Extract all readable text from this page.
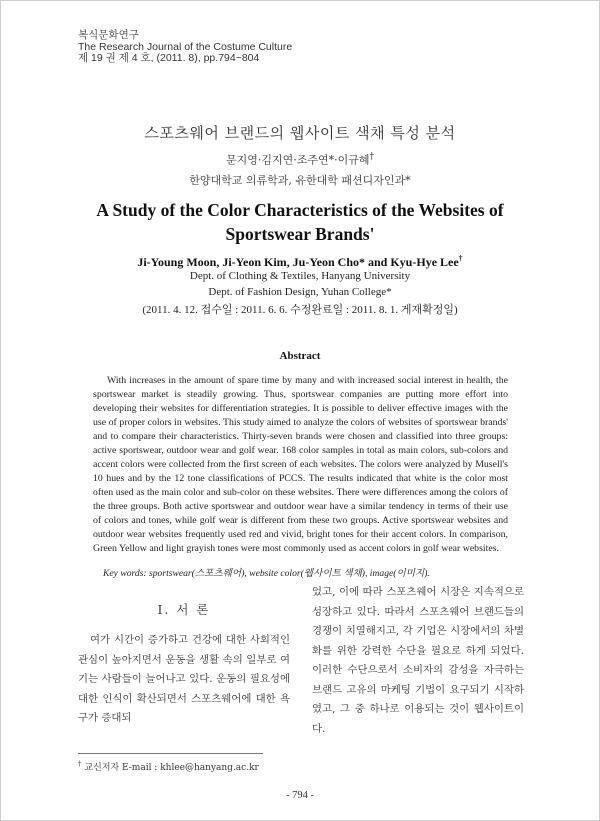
복식문화연구
The Research Journal of the Costume Culture
제 19 권 제 4 호, (2011. 8), pp.794~804
스포츠웨어 브랜드의 웹사이트 색채 특성 분석
문지영·김지연·조주연*·이규혜†
한양대학교 의류학과, 유한대학 패션디자인과*
A Study of the Color Characteristics of the Websites of Sportswear Brands'
Ji-Young Moon, Ji-Yeon Kim, Ju-Yeon Cho* and Kyu-Hye Lee†
Dept. of Clothing & Textiles, Hanyang University
Dept. of Fashion Design, Yuhan College*
(2011. 4. 12. 접수일 : 2011. 6. 6. 수정완료일 : 2011. 8. 1. 게재확정일)
Abstract
With increases in the amount of spare time by many and with increased social interest in health, the sportswear market is steadily growing. Thus, sportswear companies are putting more effort into developing their websites for differentiation strategies. It is possible to deliver effective images with the use of proper colors in websites. This study aimed to analyze the colors of websites of sportswear brands' and to compare their characteristics. Thirty-seven brands were chosen and classified into three groups: active sportswear, outdoor wear and golf wear. 168 color samples in total as main colors, sub-colors and accent colors were collected from the first screen of each websites. The colors were analyzed by Musell's 10 hues and by the 12 tone classifications of PCCS. The results indicated that white is the color most often used as the main color and sub-color on these websites. There were differences among the colors of the three groups. Both active sportswear and outdoor wear have a similar tendency in terms of their use of colors and tones, while golf wear is different from these two groups. Active sportswear websites and outdoor wear websites frequently used red and vivid, bright tones for their accent colors. In comparison, Green Yellow and light grayish tones were most commonly used as accent colors in golf wear websites.
Key words: sportswear(스포츠웨어), website color(웹사이트 색채), image(이미지).
Ⅰ. 서 론
여가 시간이 증가하고 건강에 대한 사회적인 관심이 높아지면서 운동을 생활 속의 일부로 여기는 사람들이 늘어나고 있다. 운동의 필요성에 대한 인식이 확산되면서 스포츠웨어에 대한 욕구가 증대되
었고, 이에 따라 스포츠웨어 시장은 지속적으로 성장하고 있다. 따라서 스포츠웨어 브랜드들의 경쟁이 치열해지고, 각 기업은 시장에서의 차별화를 위한 강력한 수단을 필요로 하게 되었다. 이러한 수단으로서 소비자의 감성을 자극하는 브랜드 고유의 마케팅 기법이 요구되기 시작하였고, 그 중 하나로 이용되는 것이 웹사이트이다.
† 교신저자 E-mail : khlee@hanyang.ac.kr
- 794 -
